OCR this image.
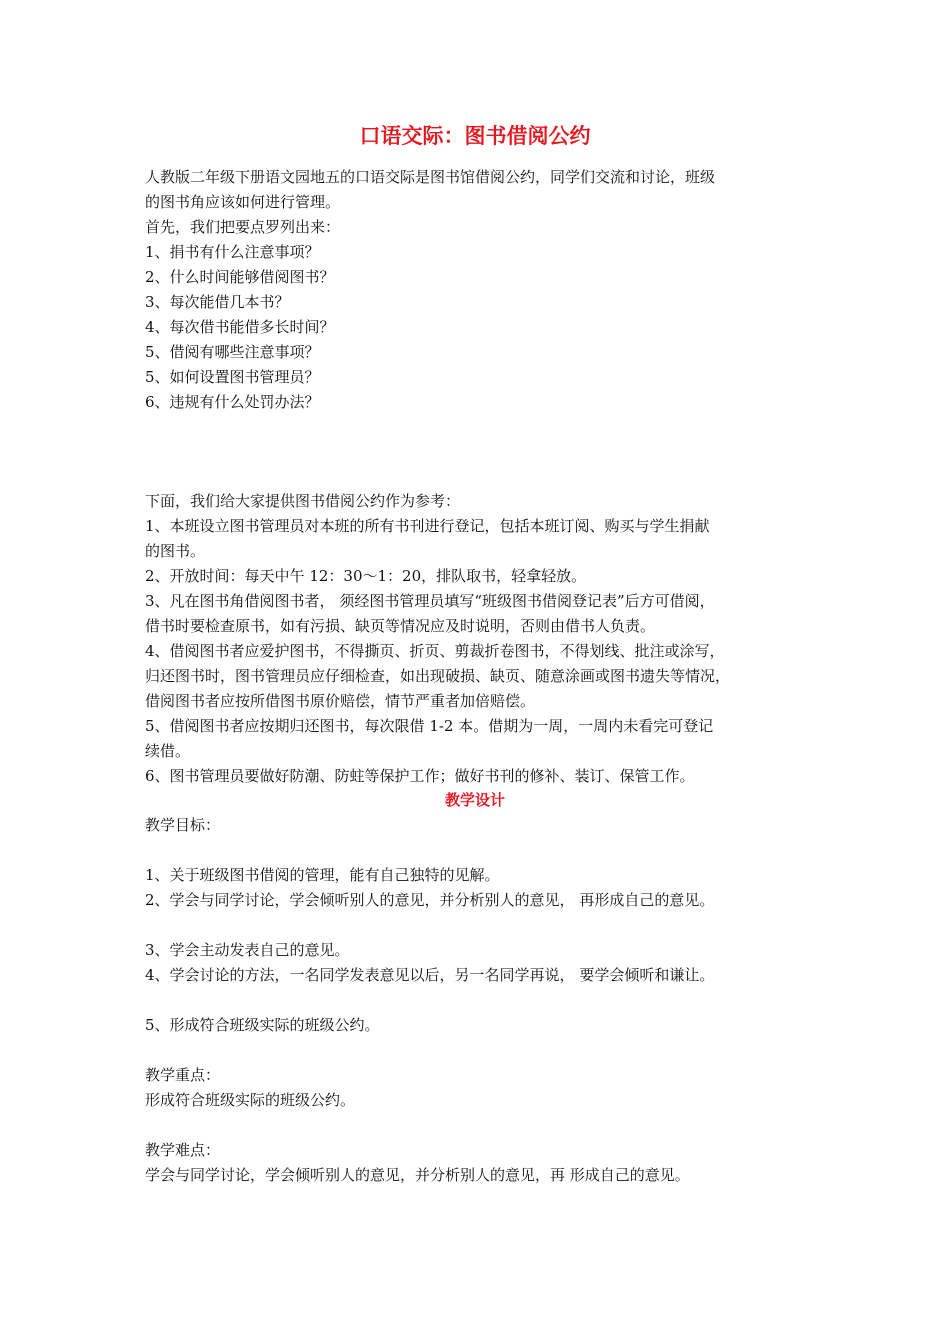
口语交际：图书借阅公约
人教版二年级下册语文园地五的口语交际是图书馆借阅公约，同学们交流和讨论，班级
的图书角应该如何进行管理。
首先，我们把要点罗列出来：
1、捐书有什么注意事项？
2、什么时间能够借阅图书？
3、每次能借几本书？
4、每次借书能借多长时间？
5、借阅有哪些注意事项？
5、如何设置图书管理员？
6、违规有什么处罚办法？
下面，我们给大家提供图书借阅公约作为参考：
1、本班设立图书管理员对本班的所有书刊进行登记，包括本班订阅、购买与学生捐献
的图书。
2、开放时间：每天中午 12：30～1：20，排队取书，轻拿轻放。
3、凡在图书角借阅图书者， 须经图书管理员填写“班级图书借阅登记表”后方可借阅，
借书时要检查原书，如有污损、缺页等情况应及时说明，否则由借书人负责。
4、借阅图书者应爱护图书，不得撕页、折页、剪裁折卷图书，不得划线、批注或涂写，
归还图书时，图书管理员应仔细检查，如出现破损、缺页、随意涂画或图书遗失等情况，
借阅图书者应按所借图书原价赔偿，情节严重者加倍赔偿。
5、借阅图书者应按期归还图书，每次限借 1-2 本。借期为一周，一周内未看完可登记
续借。
6、图书管理员要做好防潮、防蛀等保护工作；做好书刊的修补、装订、保管工作。
教学设计
教学目标：
1、关于班级图书借阅的管理，能有自己独特的见解。
2、学会与同学讨论，学会倾听别人的意见，并分析别人的意见， 再形成自己的意见。
3、学会主动发表自己的意见。
4、学会讨论的方法，一名同学发表意见以后，另一名同学再说， 要学会倾听和谦让。
5、形成符合班级实际的班级公约。
教学重点：
形成符合班级实际的班级公约。
教学难点：
学会与同学讨论，学会倾听别人的意见，并分析别人的意见，再 形成自己的意见。
